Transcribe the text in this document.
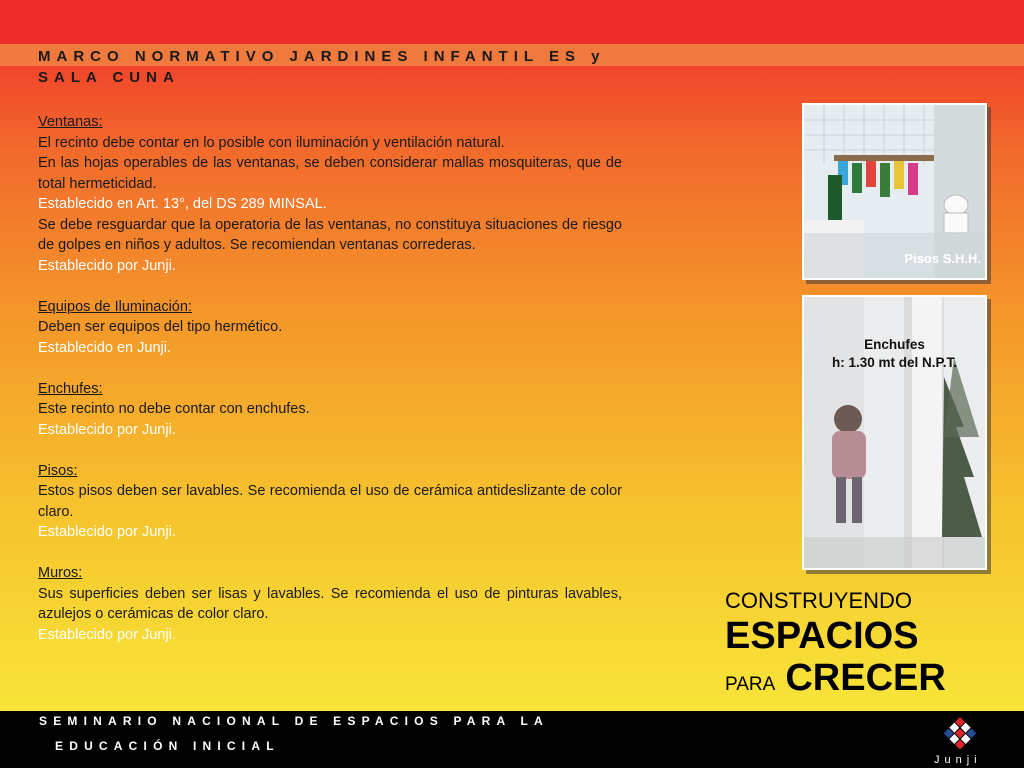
MARCO NORMATIVO JARDINES INFANTIL ES y SALA CUNA

Ventanas:

El recinto debe contar en lo posible con iluminación y ventilación natural.

En las hojas operables de las ventanas, se deben considerar mallas mosquiteras, que de total hermeticidad.

Establecido en Art. 13°, del DS 289 MINSAL.

Se debe resguardar que la operatoria de las ventanas, no constituya situaciones de riesgo de golpes en niños y adultos. Se recomiendan ventanas correderas.

Establecido por Junji.

Equipos de Iluminación:

Deben ser equipos del tipo hermético.

Establecido en Junji.

Enchufes:

Este recinto no debe contar con enchufes.

Establecido por Junji.

Pisos:

Estos pisos deben ser lavables. Se recomienda el uso de cerámica antideslizante de color claro.

Establecido por Junji.

Muros:

Sus superficies deben ser lisas y lavables. Se recomienda el uso de pinturas lavables, azulejos o cerámicas de color claro.

Establecido por Junji.

Pisos S.H.H.
Enchufes
h: 1.30 mt del N.P.T.
CONSTRUYENDO
ESPACIOS
PARA CRECER
SEMINARIO NACIONAL DE ESPACIOS PARA LA
EDUCACIÓN INICIAL
Junji
